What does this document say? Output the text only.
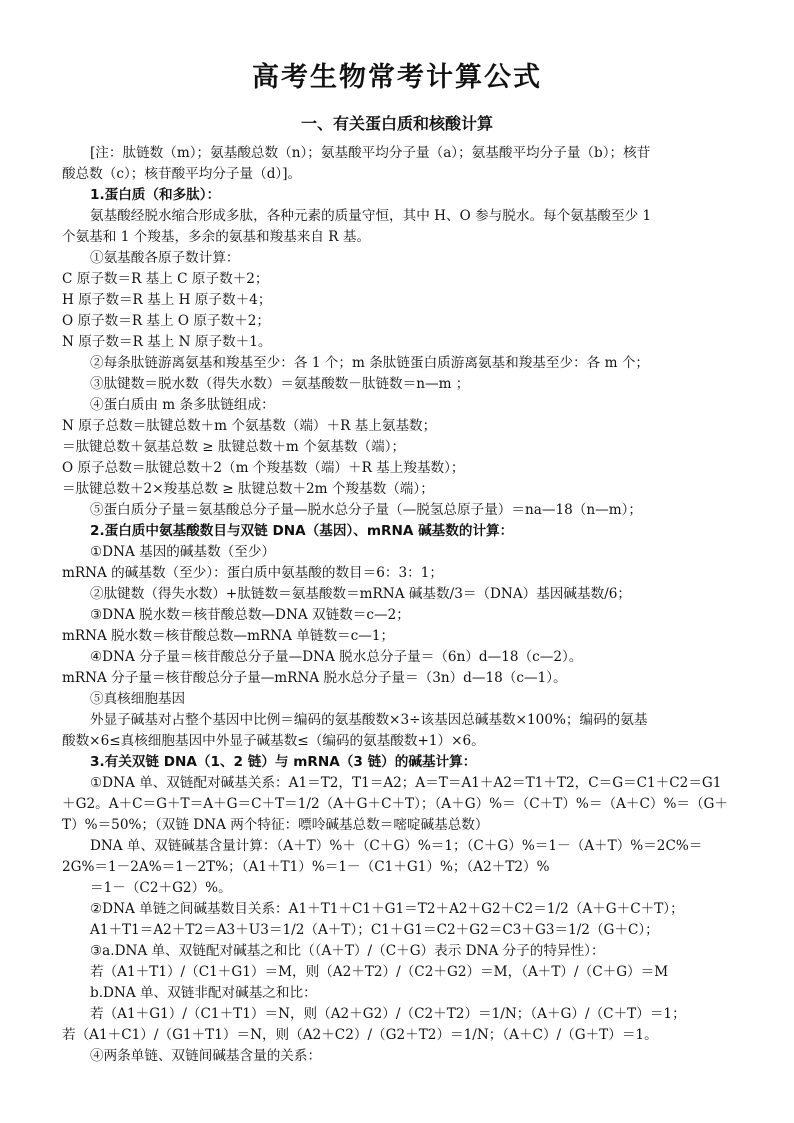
高考生物常考计算公式
一、有关蛋白质和核酸计算
[注：肽链数（m）；氨基酸总数（n）；氨基酸平均分子量（a）；氨基酸平均分子量（b）；核苷
酸总数（c）；核苷酸平均分子量（d）]。
1.蛋白质（和多肽）：
氨基酸经脱水缩合形成多肽，各种元素的质量守恒，其中 H、O 参与脱水。每个氨基酸至少 1
个氨基和 1 个羧基，多余的氨基和羧基来自 R 基。
①氨基酸各原子数计算：
C 原子数＝R 基上 C 原子数＋2；
H 原子数＝R 基上 H 原子数＋4；
O 原子数＝R 基上 O 原子数＋2；
N 原子数＝R 基上 N 原子数＋1。
②每条肽链游离氨基和羧基至少：各 1 个；m 条肽链蛋白质游离氨基和羧基至少：各 m 个；
③肽键数＝脱水数（得失水数）＝氨基酸数－肽链数＝n—m ；
④蛋白质由 m 条多肽链组成：
N 原子总数＝肽键总数＋m 个氨基数（端）＋R 基上氨基数；
＝肽键总数＋氨基总数 ≥ 肽键总数＋m 个氨基数（端）；
O 原子总数＝肽键总数＋2（m 个羧基数（端）＋R 基上羧基数）；
＝肽键总数＋2×羧基总数 ≥ 肽键总数＋2m 个羧基数（端）；
⑤蛋白质分子量＝氨基酸总分子量—脱水总分子量（—脱氢总原子量）＝na—18（n—m）；
2.蛋白质中氨基酸数目与双链 DNA（基因）、mRNA 碱基数的计算：
①DNA 基因的碱基数（至少）
mRNA 的碱基数（至少）：蛋白质中氨基酸的数目＝6：3：1；
②肽键数（得失水数）+肽链数＝氨基酸数＝mRNA 碱基数/3＝（DNA）基因碱基数/6；
③DNA 脱水数＝核苷酸总数—DNA 双链数＝c—2；
mRNA 脱水数＝核苷酸总数—mRNA 单链数＝c—1；
④DNA 分子量＝核苷酸总分子量—DNA 脱水总分子量＝（6n）d—18（c—2）。
mRNA 分子量＝核苷酸总分子量—mRNA 脱水总分子量＝（3n）d—18（c—1）。
⑤真核细胞基因
外显子碱基对占整个基因中比例＝编码的氨基酸数×3÷该基因总碱基数×100%；编码的氨基
酸数×6≤真核细胞基因中外显子碱基数≤（编码的氨基酸数+1）×6。
3.有关双链 DNA（1、2 链）与 mRNA（3 链）的碱基计算：
①DNA 单、双链配对碱基关系：A1＝T2，T1＝A2；A＝T＝A1＋A2＝T1＋T2，C＝G＝C1＋C2＝G1
＋G2。A＋C＝G＋T＝A＋G＝C＋T＝1/2（A＋G＋C＋T）；（A＋G）%＝（C＋T）%＝（A＋C）%＝（G＋
T）%＝50%；（双链 DNA 两个特征：嘌呤碱基总数＝嘧啶碱基总数）
DNA 单、双链碱基含量计算：（A＋T）%＋（C＋G）%＝1；（C＋G）%＝1－（A＋T）%＝2C%＝
2G%＝1－2A%＝1－2T%；（A1＋T1）%＝1－（C1＋G1）%；（A2＋T2）%
＝1－（C2＋G2）%。
②DNA 单链之间碱基数目关系：A1＋T1＋C1＋G1＝T2＋A2＋G2＋C2＝1/2（A＋G＋C＋T）；
A1＋T1＝A2＋T2＝A3＋U3＝1/2（A＋T）；C1＋G1＝C2＋G2＝C3＋G3＝1/2（G＋C）；
③a.DNA 单、双链配对碱基之和比（（A＋T）/（C＋G）表示 DNA 分子的特异性）：
若（A1＋T1）/（C1＋G1）＝M，则（A2＋T2）/（C2＋G2）＝M，（A＋T）/（C＋G）＝M
b.DNA 单、双链非配对碱基之和比：
若（A1＋G1）/（C1＋T1）＝N，则（A2＋G2）/（C2＋T2）＝1/N；（A＋G）/（C＋T）＝1；
若（A1＋C1）/（G1＋T1）＝N，则（A2＋C2）/（G2＋T2）＝1/N；（A＋C）/（G＋T）＝1。
④两条单链、双链间碱基含量的关系：
